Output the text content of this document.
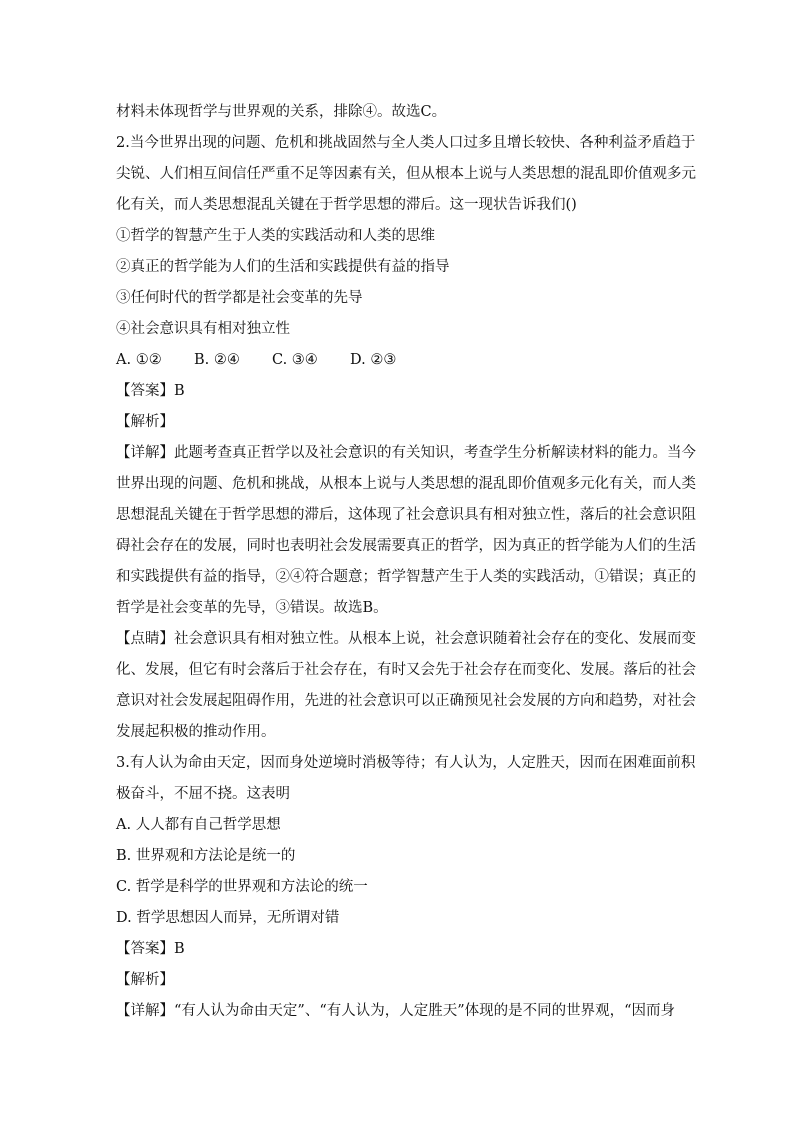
材料未体现哲学与世界观的关系，排除④。故选C。
2.当今世界出现的问题、危机和挑战固然与全人类人口过多且增长较快、各种利益矛盾趋于
尖锐、人们相互间信任严重不足等因素有关，但从根本上说与人类思想的混乱即价值观多元
化有关，而人类思想混乱关键在于哲学思想的滞后。这一现状告诉我们()
①哲学的智慧产生于人类的实践活动和人类的思维
②真正的哲学能为人们的生活和实践提供有益的指导
③任何时代的哲学都是社会变革的先导
④社会意识具有相对独立性
A. ①② B. ②④ C. ③④ D. ②③
【答案】B
【解析】
【详解】此题考查真正哲学以及社会意识的有关知识，考查学生分析解读材料的能力。当今
世界出现的问题、危机和挑战，从根本上说与人类思想的混乱即价值观多元化有关，而人类
思想混乱关键在于哲学思想的滞后，这体现了社会意识具有相对独立性，落后的社会意识阻
碍社会存在的发展，同时也表明社会发展需要真正的哲学，因为真正的哲学能为人们的生活
和实践提供有益的指导，②④符合题意；哲学智慧产生于人类的实践活动，①错误；真正的
哲学是社会变革的先导，③错误。故选B。
【点睛】社会意识具有相对独立性。从根本上说，社会意识随着社会存在的变化、发展而变
化、发展，但它有时会落后于社会存在，有时又会先于社会存在而变化、发展。落后的社会
意识对社会发展起阻碍作用，先进的社会意识可以正确预见社会发展的方向和趋势，对社会
发展起积极的推动作用。
3.有人认为命由天定，因而身处逆境时消极等待；有人认为，人定胜天，因而在困难面前积
极奋斗，不屈不挠。这表明
A. 人人都有自己哲学思想
B. 世界观和方法论是统一的
C. 哲学是科学的世界观和方法论的统一
D. 哲学思想因人而异，无所谓对错
【答案】B
【解析】
【详解】“有人认为命由天定”、“有人认为，人定胜天”体现的是不同的世界观，“因而身
